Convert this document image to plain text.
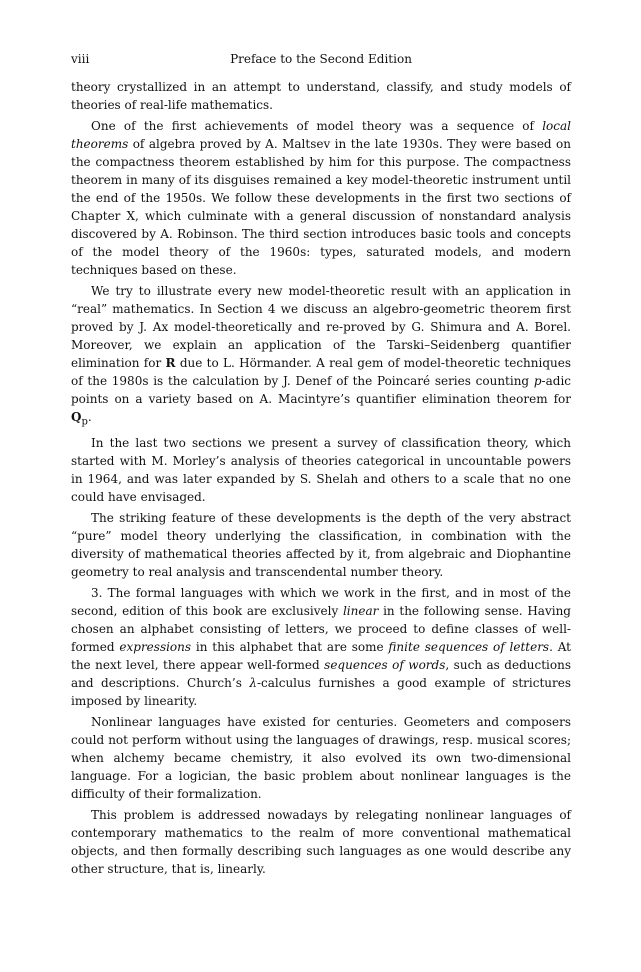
viii	Preface to the Second Edition

theory crystallized in an attempt to understand, classify, and study models of theories of real-life mathematics.

One of the first achievements of model theory was a sequence of local theorems of algebra proved by A. Maltsev in the late 1930s. They were based on the compactness theorem established by him for this purpose. The compactness theorem in many of its disguises remained a key model-theoretic instrument until the end of the 1950s. We follow these developments in the first two sections of Chapter X, which culminate with a general discussion of nonstandard analysis discovered by A. Robinson. The third section introduces basic tools and concepts of the model theory of the 1960s: types, saturated models, and modern techniques based on these.

We try to illustrate every new model-theoretic result with an application in “real” mathematics. In Section 4 we discuss an algebro-geometric theorem first proved by J. Ax model-theoretically and re-proved by G. Shimura and A. Borel. Moreover, we explain an application of the Tarski–Seidenberg quantifier elimination for R due to L. Hörmander. A real gem of model-theoretic techniques of the 1980s is the calculation by J. Denef of the Poincaré series counting p-adic points on a variety based on A. Macintyre’s quantifier elimination theorem for $Q_p$.

In the last two sections we present a survey of classification theory, which started with M. Morley’s analysis of theories categorical in uncountable powers in 1964, and was later expanded by S. Shelah and others to a scale that no one could have envisaged.

The striking feature of these developments is the depth of the very abstract “pure” model theory underlying the classification, in combination with the diversity of mathematical theories affected by it, from algebraic and Diophantine geometry to real analysis and transcendental number theory.

3. The formal languages with which we work in the first, and in most of the second, edition of this book are exclusively linear in the following sense. Having chosen an alphabet consisting of letters, we proceed to define classes of well-formed expressions in this alphabet that are some finite sequences of letters. At the next level, there appear well-formed sequences of words, such as deductions and descriptions. Church’s λ-calculus furnishes a good example of strictures imposed by linearity.

Nonlinear languages have existed for centuries. Geometers and composers could not perform without using the languages of drawings, resp. musical scores; when alchemy became chemistry, it also evolved its own two-dimensional language. For a logician, the basic problem about nonlinear languages is the difficulty of their formalization.

This problem is addressed nowadays by relegating nonlinear languages of contemporary mathematics to the realm of more conventional mathematical objects, and then formally describing such languages as one would describe any other structure, that is, linearly.
